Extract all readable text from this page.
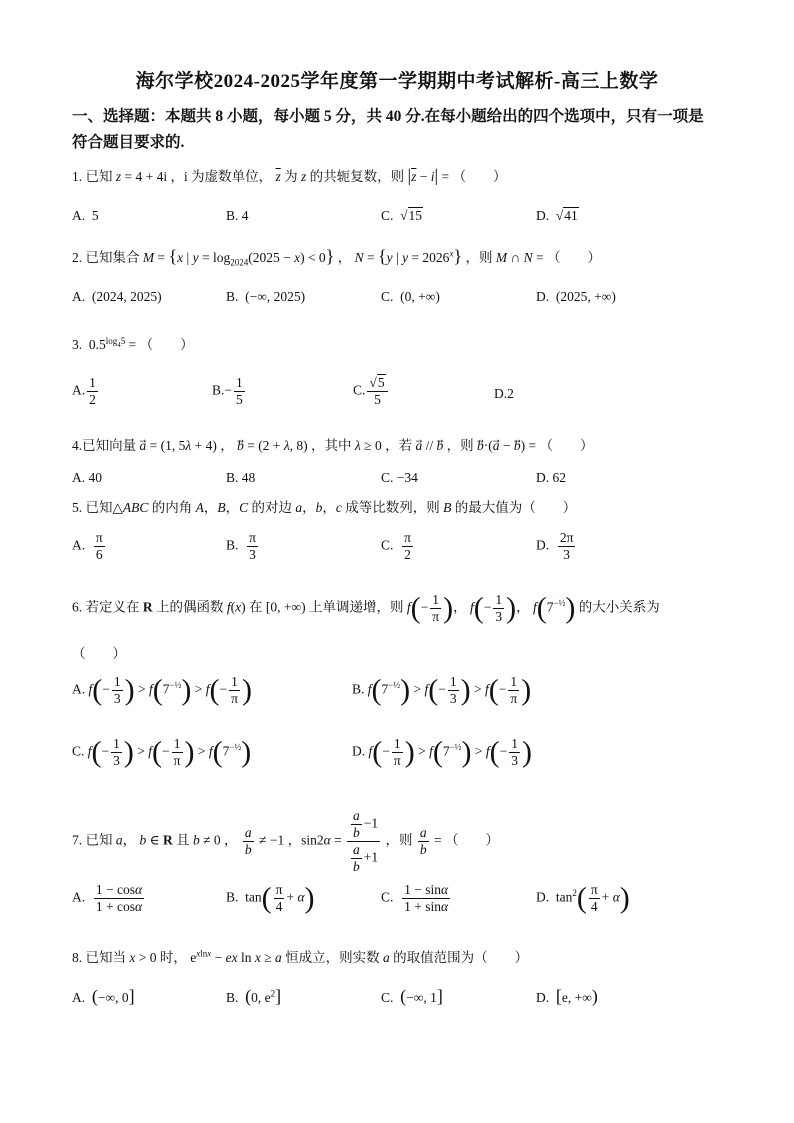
海尔学校2024-2025学年度第一学期期中考试解析-高三上数学
一、选择题：本题共 8 小题，每小题 5 分，共 40 分.在每小题给出的四个选项中，只有一项是
符合题目要求的.
1. 已知 z = 4 + 4i ，i 为虚数单位， $\overline{z}$ 为 z 的共轭复数，则 $|\overline{z} - i|$ = （　　）
A.  5	B. 4	C.  √15	D.  √41
2. 已知集合 M = {x | $y = \log_{2024}(2025 - x) < 0$} ， N = {y | $y = 2026^x$} ，则 M ∩ N = （　　）
A.  (2024, 2025)	B.  (−∞, 2025)	C.  (0, +∞)	D.  (2025, +∞)
3.  $0.5^{log_45}$ = （　　）
A. $\frac{1}{2}$	$B.- \frac{1}{5}$	C. $\frac{√5}{5}$	D.2
4.已知向量 a⃗ = (1, 5λ + 4) ， b⃗ = (2 + λ, 8) ，其中 λ ≥ 0 ，若 a⃗ // b⃗ ，则 b⃗·(a⃗ − b⃗) = （　　）
A. 40	B. 48	C. −34	D. 62
5. 已知△ABC 的内角 A，B，C 的对边 a，b，c 成等比数列，则 B 的最大值为（　　）
A. $\frac{\pi}{6}$	B. $\frac{\pi}{3}$	C. $\frac{\pi}{2}$	D. $\frac{2\pi}{3}$
6. 若定义在 R 上的偶函数 f(x) 在 [0, +∞) 上单调递增，则 $f(- \frac{1}{\pi}$ )， $f(- \frac{1}{3}$ )， $f(7^{-\frac{1}{2}})$ 的大小关系为
（　　）
A. $f(- \frac{1}{3}$ ) > $f(7^{-\frac{1}{2}}) > f(- \frac{1}{\pi}$ )	B. $f(7^{-\frac{1}{2}}) > f(- \frac{1}{3}$ ) > $f(- \frac{1}{\pi}$ )
C. $f(- \frac{1}{3}$ ) > $f(- \frac{1}{\pi}$ ) > $f(7^{-\frac{1}{2}})$	D. $f(- \frac{1}{\pi}$ ) > $f(7^{-\frac{1}{2}}) > f(- \frac{1}{3}$ )
7. 已知 a， b ∈ R 且 b ≠ 0 ， $\frac{a}{b} \ne -1$ ，$\sin 2\alpha = \frac{\frac{a}{b} -1}{\frac{a}{b} +1}$ ，则 $\frac{a}{b}$ = （　　）
A. $\frac{1 - \cos\alpha}{1 + \cos\alpha}$	B.  $\tan( \frac{\pi}{4} + \alpha)$	C. $\frac{1 - \sin\alpha}{1 + \sin\alpha}$	D.  $\tan^2( \frac{\pi}{4} + \alpha)$
8. 已知当 x > 0 时， $e^{xlnx}$ − ex ln x ≥ a 恒成立，则实数 a 的取值范围为（　　）
A.  (−∞, 0]	B.  (0, $e^2$]	C.  (−∞, 1]	D.  [e, +∞)
